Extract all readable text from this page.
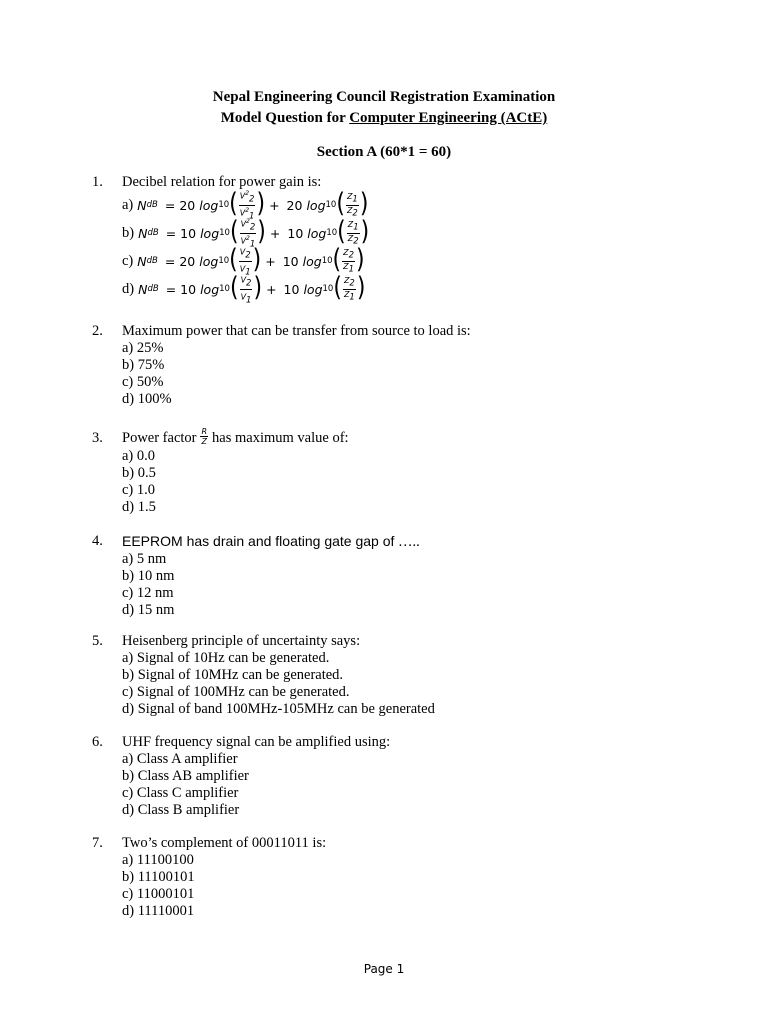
Nepal Engineering Council Registration Examination
Model Question for Computer Engineering (ACtE)
Section A (60*1 = 60)
1.	Decibel relation for power gain is:
a) N dB = 20 log 10 ( $\frac{V^22}{V^21}$ ) + 20 log 10 ( $\frac{Z1}{Z2}$ )
b) N dB = 10 log 10 ( $\frac{V^22}{V^21}$ ) + 10 log 10 ( $\frac{Z1}{Z2}$ )
c) N dB = 20 log 10 ( $\frac{V2}{V1}$ ) + 10 log 10 ( $\frac{Z2}{Z1}$ )
d) N dB = 10 log 10 ( $\frac{V2}{V1}$ ) + 10 log 10 ( $\frac{Z2}{Z1}$ )
2.	Maximum power that can be transfer from source to load is:
a) 25%
b) 75%
c) 50%
d) 100%
3.	Power factor $\frac{R}{Z}$ has maximum value of:
a) 0.0
b) 0.5
c) 1.0
d) 1.5
4.	EEPROM has drain and floating gate gap of …..
a) 5 nm
b) 10 nm
c) 12 nm
d) 15 nm
5.	Heisenberg principle of uncertainty says:
a) Signal of 10Hz can be generated.
b) Signal of 10MHz can be generated.
c) Signal of 100MHz can be generated.
d) Signal of band 100MHz-105MHz can be generated
6.	UHF frequency signal can be amplified using:
a) Class A amplifier
b) Class AB amplifier
c) Class C amplifier
d) Class B amplifier
7.	Two’s complement of 00011011 is:
a) 11100100
b) 11100101
c) 11000101
d) 11110001
Page 1
